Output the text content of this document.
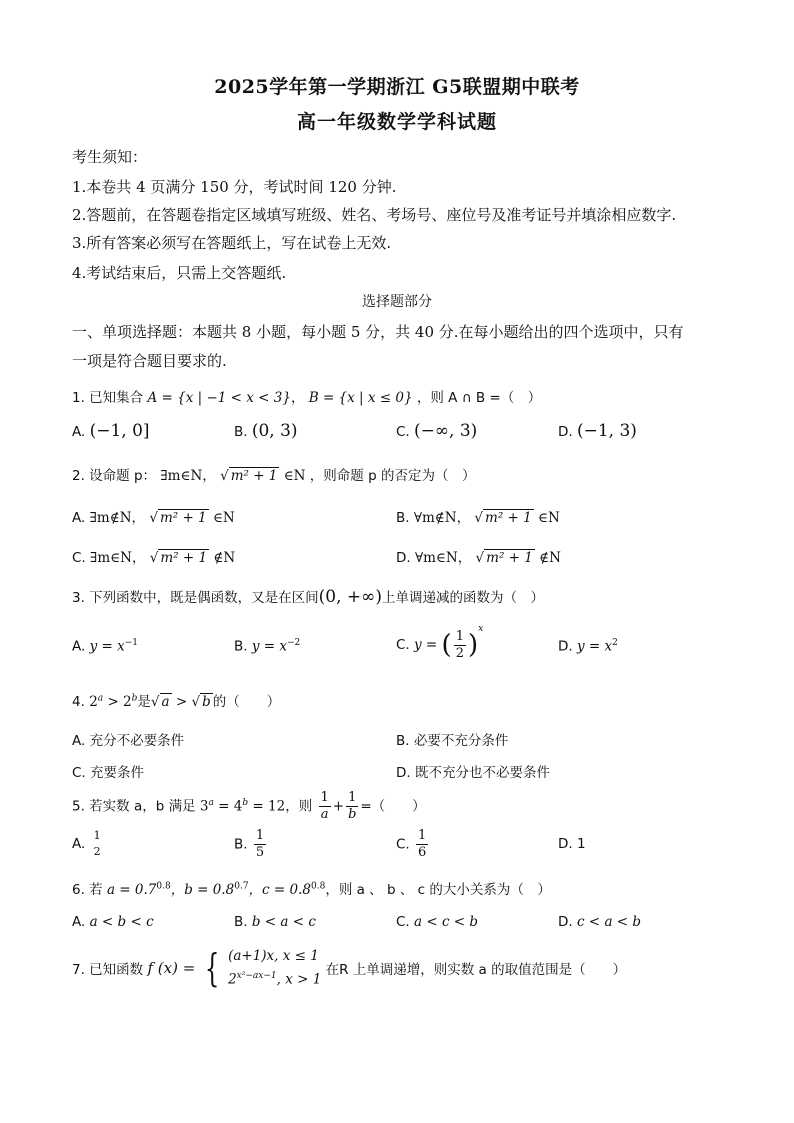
2025学年第一学期浙江 G5联盟期中联考
高一年级数学学科试题
考生须知：
1.本卷共 4 页满分 150 分，考试时间 120 分钟.
2.答题前，在答题卷指定区域填写班级、姓名、考场号、座位号及准考证号并填涂相应数字.
3.所有答案必须写在答题纸上，写在试卷上无效.
4.考试结束后，只需上交答题纸.
选择题部分
一、单项选择题：本题共 8 小题，每小题 5 分，共 40 分.在每小题给出的四个选项中，只有
一项是符合题目要求的.
1. 已知集合 A = {x | −1 < x < 3}， B = {x | x ≤ 0} ，则 A ∩ B =（　）
A. (−1, 0]	B. (0, 3)	C. (−∞, 3)	D. (−1, 3)
2. 设命题 p： ∃m∈N， √ m² + 1 ∈N ，则命题 p 的否定为（　）
A. ∃m∉N， √ m² + 1 ∈N	B. ∀m∉N， √ m² + 1 ∈N
C. ∃m∈N， √ m² + 1 ∉N	D. ∀m∈N， √ m² + 1 ∉N
3. 下列函数中，既是偶函数，又是在区间(0, +∞)上单调递减的函数为（　）
A. $y = x^{-1}$	B. $y = x^{-2}$	C. y = ( $\frac{1}{2} )^x$
D. $y = x^2$
4. $2^a > 2^b$是√ a > √ b 的（　　）
A. 充分不必要条件	B. 必要不充分条件
C. 充要条件	D. 既不充分也不必要条件
5. 若实数 a，b 满足 $3^a = 4^b = 12$，则 $\frac{1}{a} + \frac{1}{b}$ =（　　）
A.
1
2	B. $\frac{1}{5}$	C. $\frac{1}{6}$	D. 1
6. 若 $a = 0.7^{0.8}$，$b = 0.8^{0.7}$，$c = 0.8^{0.8}$，则 a 、 b 、 c 的大小关系为（　）
A. a < b < c	B. b < a < c	C. a < c < b	D. c < a < b
7. 已知函数 f (x) = { (a+1)x, x ≤ 1
$2^{x^2-ax-1}$, x > 1
在R 上单调递增，则实数 a 的取值范围是（　　）
